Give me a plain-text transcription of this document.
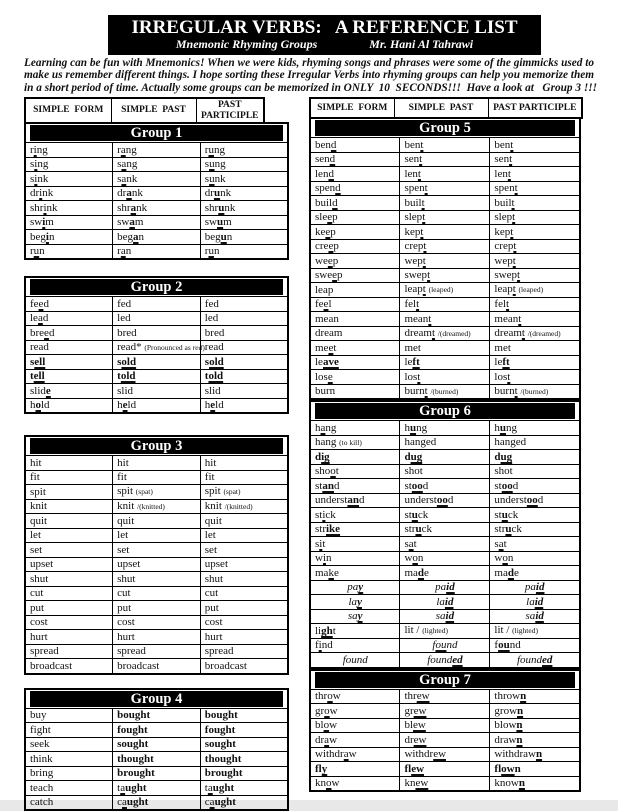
IRREGULAR VERBS:   A REFERENCE LIST
Mnemonic Rhyming Groups	Mr. Hani Al Tahrawi
Learning can be fun with Mnemonics! When we were kids, rhyming songs and phrases were some of the gimmicks used to
make us remember different things. I hope sorting these Irregular Verbs into rhyming groups can help you memorize them
in a short period of time. Actually some groups can be memorized in ONLY  10  SECONDS!!!  Have a look at   Group 3 !!!
SIMPLE  FORM	SIMPLE  PAST	PAST PARTICIPLE
Group 1		

ring	rang	rung
sing	sang	sung
sink	sank	sunk
drink	drank	drunk
shrink	shrank	shrunk
swim	swam	swum
begin	began	begun
run	ran	run
Group 2		

feed	fed	fed
lead	led	led
breed	bred	bred
read	read* (Pronounced as red)	read
sell	sold	sold
tell	told	told
slide	slid	slid
hold	held	held
Group 3		

hit	hit	hit
fit	fit	fit
spit	spit (spat)	spit (spat)
knit	knit /(knitted)	knit /(knitted)
quit	quit	quit
let	let	let
set	set	set
upset	upset	upset
shut	shut	shut
cut	cut	cut
put	put	put
cost	cost	cost
hurt	hurt	hurt
spread	spread	spread
broadcast	broadcast	broadcast
Group 4		

buy	bought	bought
fight	fought	fought
seek	sought	sought
think	thought	thought
bring	brought	brought
teach	taught	taught
catch	caught	caught
SIMPLE  FORM	SIMPLE  PAST	PAST PARTICIPLE
Group 5		

bend	bent	bent
send	sent	sent
lend	lent	lent
spend	spent	spent
build	built	built
sleep	slept	slept
keep	kept	kept
creep	crept	crept
weep	wept	wept
sweep	swept	swept
leap	leapt (leaped)	leapt (leaped)
feel	felt	felt
mean	meant	meant
dream	dreamt /(dreamed)	dreamt /(dreamed)
meet	met	met
leave	left	left
lose	lost	lost
burn	burnt /(burned)	burnt /(burned)
Group 6		

hang	hung	hung
hang (to kill)	hanged	hanged
dig	dug	dug
shoot	shot	shot
stand	stood	stood
understand	understood	understood
stick	stuck	stuck
strike	struck	struck
sit	sat	sat
win	won	won
make	made	made
pay	paid	paid
lay	laid	laid
say	said	said
light	lit / (lighted)	lit / (lighted)
find	found	found
found	founded	founded
Group 7		

throw	threw	thrown
grow	grew	grown
blow	blew	blown
draw	drew	drawn
withdraw	withdrew	withdrawn
fly	flew	flown
know	knew	known
